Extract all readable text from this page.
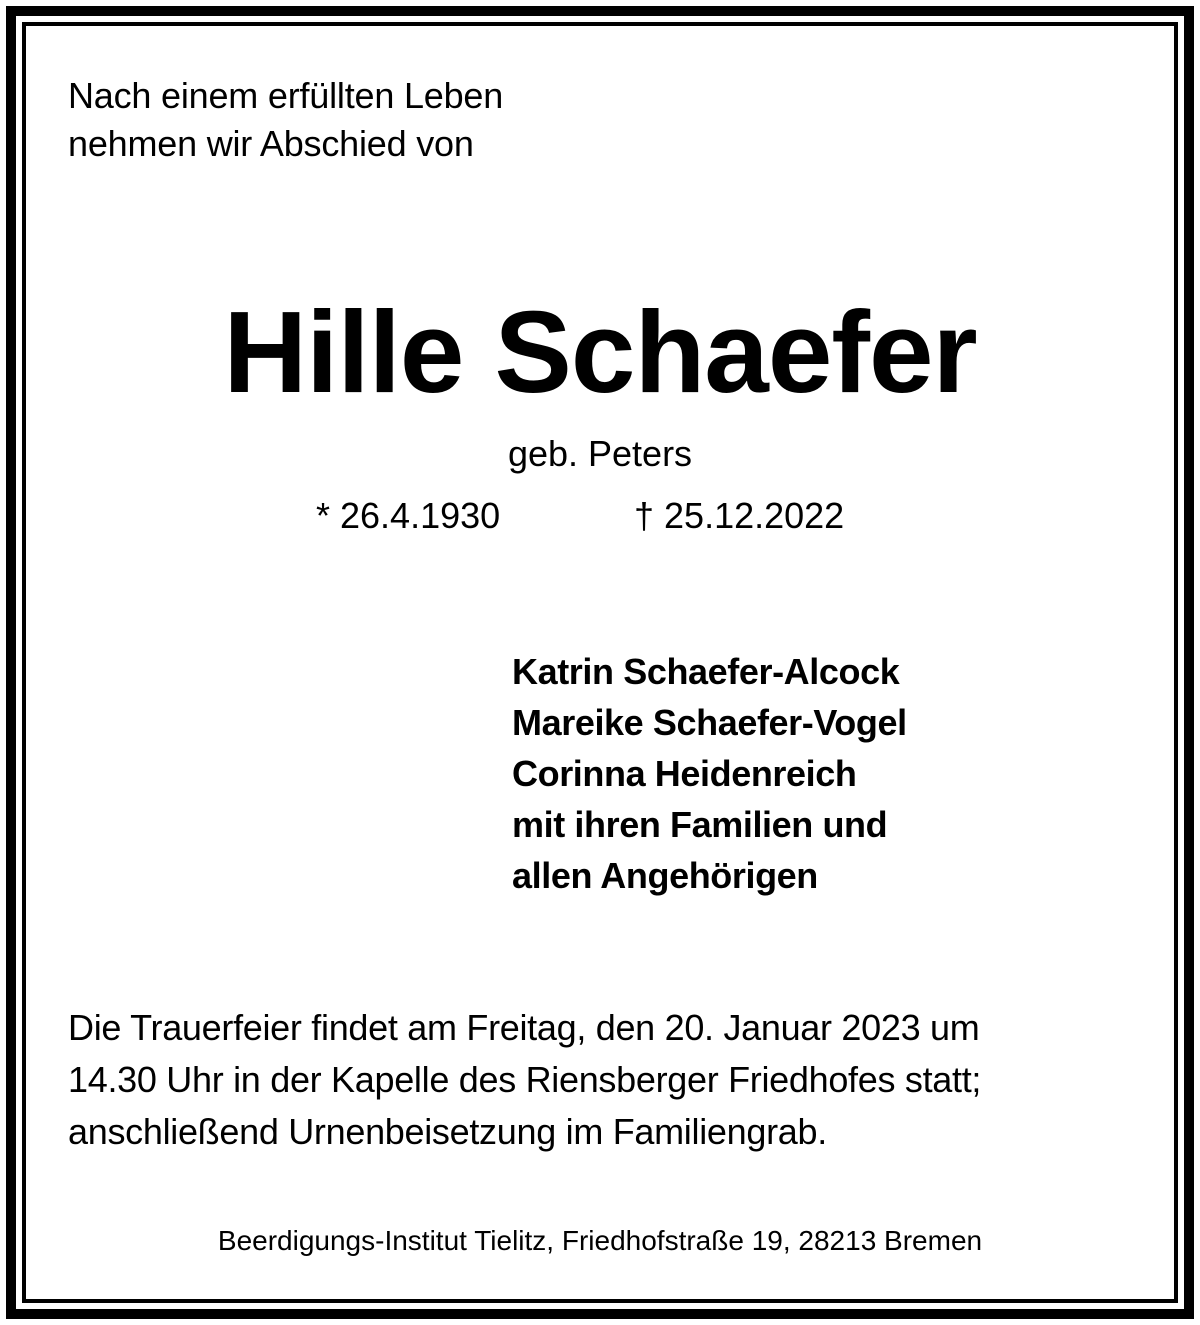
Nach einem erfüllten Leben
nehmen wir Abschied von
Hille Schaefer
geb. Peters
* 26.4.1930	† 25.12.2022
Katrin Schaefer-Alcock
Mareike Schaefer-Vogel
Corinna Heidenreich
mit ihren Familien und
allen Angehörigen
Die Trauerfeier findet am Freitag, den 20. Januar 2023 um
14.30 Uhr in der Kapelle des Riensberger Friedhofes statt;
anschließend Urnenbeisetzung im Familiengrab.
Beerdigungs-Institut Tielitz, Friedhofstraße 19, 28213 Bremen
